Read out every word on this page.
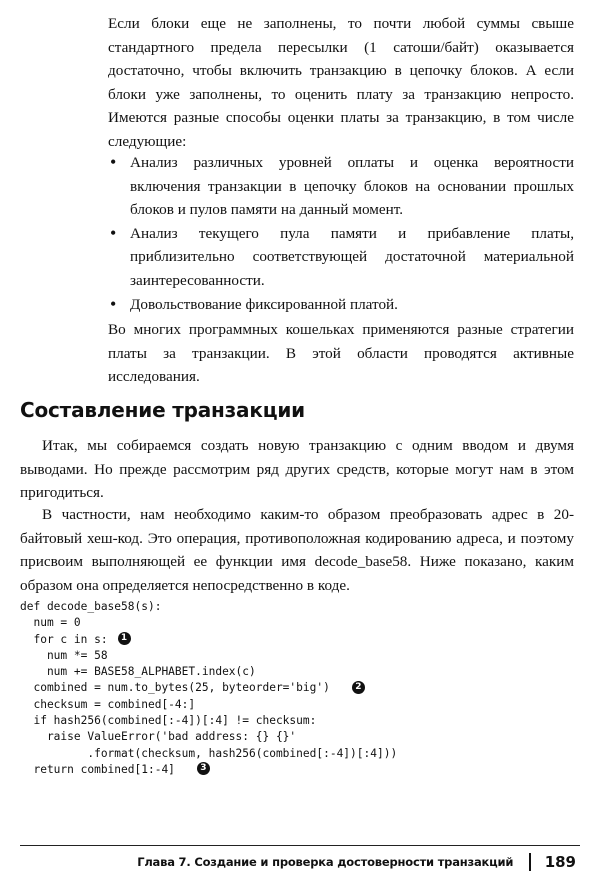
Если блоки еще не заполнены, то почти любой суммы свыше стандартного предела пересылки (1 сатоши/байт) оказывается достаточно, чтобы включить транзакцию в цепочку блоков. А если блоки уже заполнены, то оценить плату за транзакцию непросто. Имеются разные способы оценки платы за транзакцию, в том числе следующие:

• Анализ различных уровней оплаты и оценка вероятности включения транзакции в цепочку блоков на основании прошлых блоков и пулов памяти на данный момент.
• Анализ текущего пула памяти и прибавление платы, приблизительно соответствующей достаточной материальной заинтересованности.
• Довольствование фиксированной платой.

Во многих программных кошельках применяются разные стратегии платы за транзакции. В этой области проводятся активные исследования.

Составление транзакции

Итак, мы собираемся создать новую транзакцию с одним вводом и двумя выводами. Но прежде рассмотрим ряд других средств, которые могут нам в этом пригодиться.

В частности, нам необходимо каким-то образом преобразовать адрес в 20-байтовый хеш-код. Это операция, противоположная кодированию адреса, и поэтому присвоим выполняющей ее функции имя decode_base58. Ниже показано, каким образом она определяется непосредственно в коде.

def decode_base58(s):
num = 0
for c in s: 1
num *= 58
num += BASE58_ALPHABET.index(c)
combined = num.to_bytes(25, byteorder='big')	2
checksum = combined[-4:]
if hash256(combined[:-4])[:4] != checksum:
raise ValueError('bad address: {} {}'
.format(checksum, hash256(combined[:-4])[:4]))
return combined[1:-4]	3
Глава 7. Создание и проверка достоверности транзакций 189
